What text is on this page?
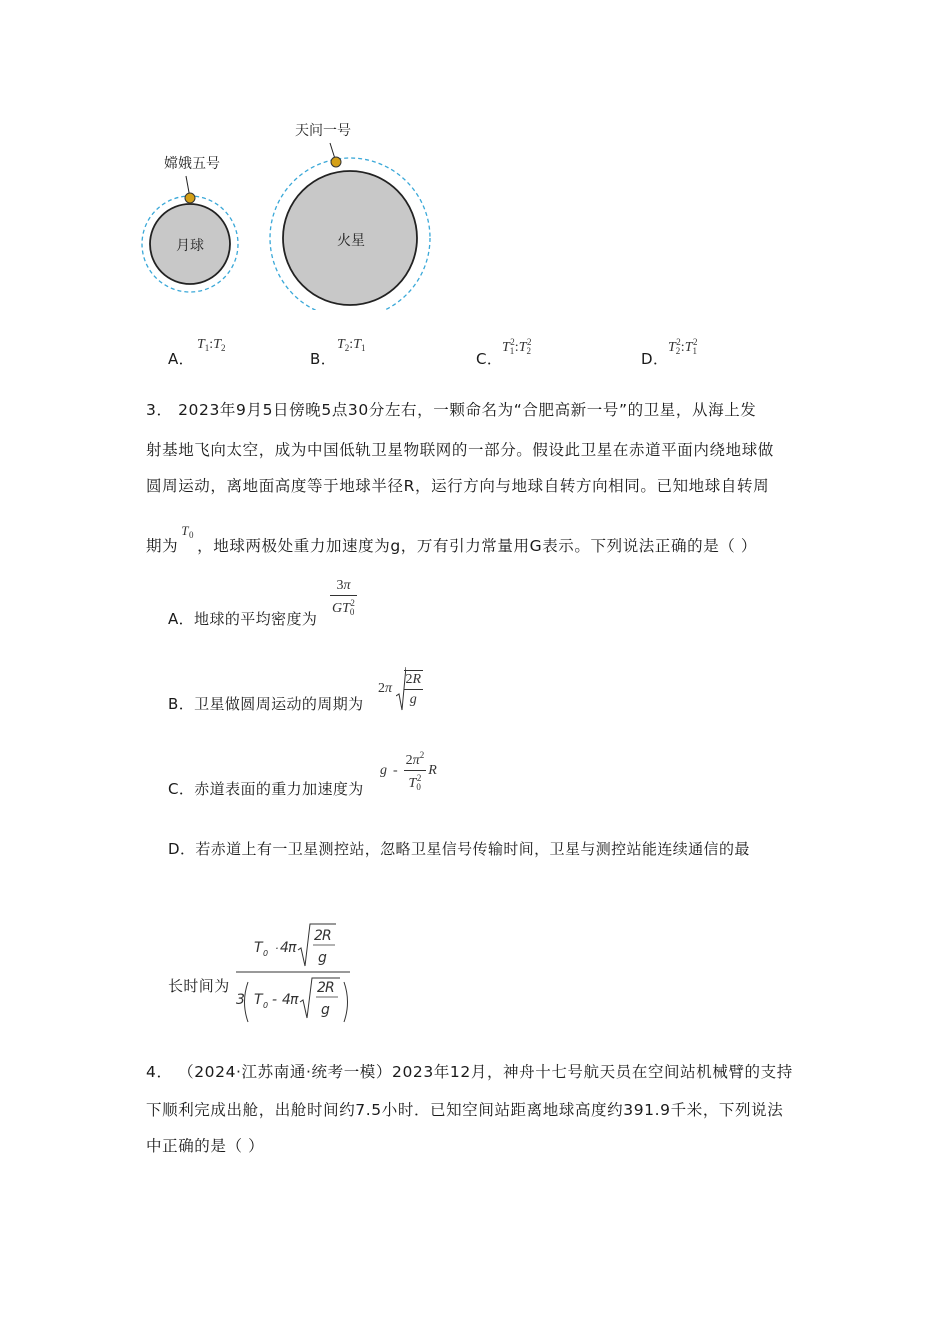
月球
嫦娥五号
火星
天问一号
A．
$T_1:T_2$
B．
$T_2:T_1$
C．
$T_1^2:T_2^2$
D．
$T_2^2:T_1^2$
3． 2023年9月5日傍晚5点30分左右，一颗命名为“合肥高新一号”的卫星，从海上发
射基地飞向太空，成为中国低轨卫星物联网的一部分。假设此卫星在赤道平面内绕地球做
圆周运动，离地面高度等于地球半径R，运行方向与地球自转方向相同。已知地球自转周
期为$^{T_0}$，地球两极处重力加速度为g，万有引力常量用G表示。下列说法正确的是（ ）
A．地球的平均密度为
$\frac{3\pi}{GT_0^2}$
B．卫星做圆周运动的周期为
$2\pi \frac{2R}{g}$
C．赤道表面的重力加速度为
g - $\frac{2\pi^2}{T_0^2}$ R
D．若赤道上有一卫星测控站，忽略卫星信号传输时间，卫星与测控站能连续通信的最
长时间为
T 0 · 4 π
2 R
g
3 T 0 - 4 π
2 R
g
4． （2024·江苏南通·统考一模）2023年12月，神舟十七号航天员在空间站机械臂的支持
下顺利完成出舱，出舱时间约7.5小时．已知空间站距离地球高度约391.9千米，下列说法
中正确的是（ ）
